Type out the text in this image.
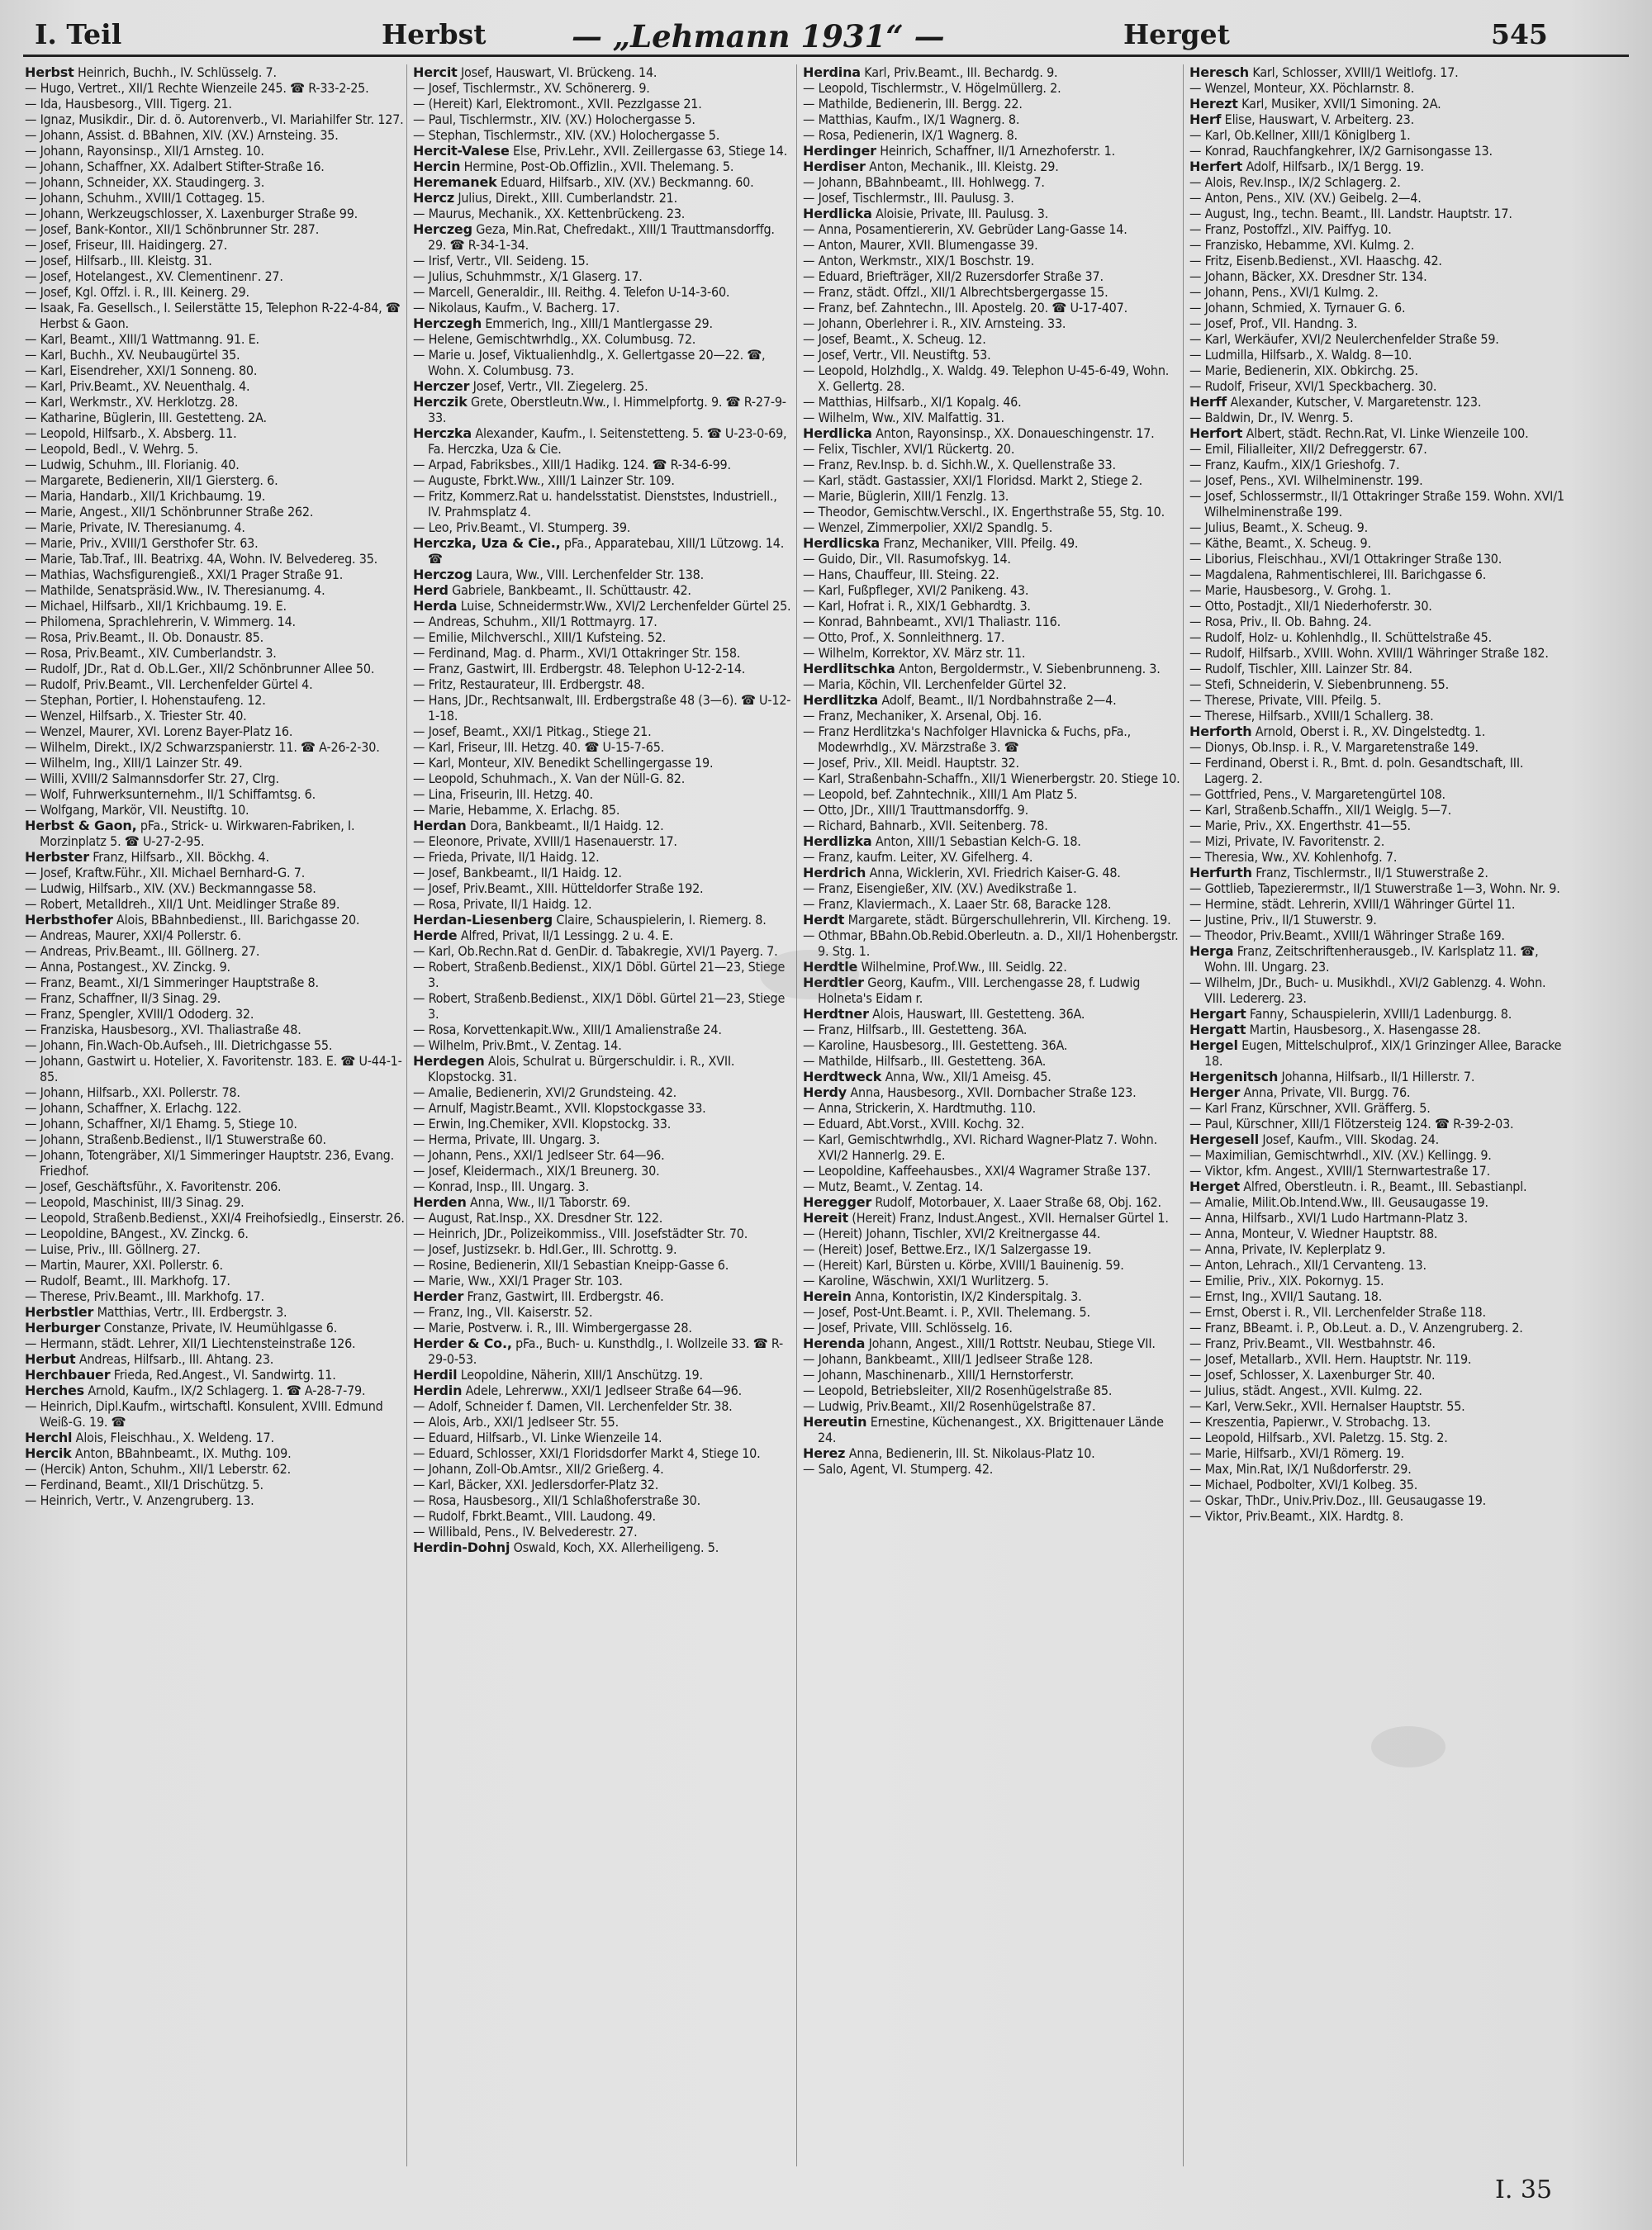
I. Teil	Herbst	— „Lehmann 1931“ —	Herget	545

Herbst Heinrich, Buchh., IV. Schlüsselg. 7.

— Hugo, Vertret., XII/1 Rechte Wienzeile 245. ☎ R-33-2-25.

— Ida, Hausbesorg., VIII. Tigerg. 21.

— Ignaz, Musikdir., Dir. d. ö. Autorenverb., VI. Mariahilfer Str. 127.

— Johann, Assist. d. BBahnen, XIV. (XV.) Arnsteing. 35.

— Johann, Rayonsinsp., XII/1 Arnsteg. 10.

— Johann, Schaffner, XX. Adalbert Stifter-Straße 16.

— Johann, Schneider, XX. Staudingerg. 3.

— Johann, Schuhm., XVIII/1 Cottageg. 15.

— Johann, Werkzeugschlosser, X. Laxenburger Straße 99.

— Josef, Bank-Kontor., XII/1 Schönbrunner Str. 287.

— Josef, Friseur, III. Haidingerg. 27.

— Josef, Hilfsarb., III. Kleistg. 31.

— Josef, Hotelangest., XV. Clementinenг. 27.

— Josef, Kgl. Offzl. i. R., III. Keinerg. 29.

— Isaak, Fa. Gesellsch., I. Seilerstätte 15, Telephon R-22-4-84, ☎ Herbst & Gaon.

— Karl, Beamt., XIII/1 Wattmanng. 91. E.

— Karl, Buchh., XV. Neubaugürtel 35.

— Karl, Eisendreher, XXI/1 Sonneng. 80.

— Karl, Priv.Beamt., XV. Neuenthalg. 4.

— Karl, Werkmstr., XV. Herklotzg. 28.

— Katharine, Büglerin, III. Gestetteng. 2A.

— Leopold, Hilfsarb., X. Absberg. 11.

— Leopold, Bedl., V. Wehrg. 5.

— Ludwig, Schuhm., III. Florianig. 40.

— Margarete, Bedienerin, XII/1 Giersterg. 6.

— Maria, Handarb., XII/1 Krichbaumg. 19.

— Marie, Angest., XII/1 Schönbrunner Straße 262.

— Marie, Private, IV. Theresianumg. 4.

— Marie, Priv., XVIII/1 Gersthofer Str. 63.

— Marie, Tab.Traf., III. Beatrixg. 4A, Wohn. IV. Belvedereg. 35.

— Mathias, Wachsfigurengieß., XXI/1 Prager Straße 91.

— Mathilde, Senatspräsid.Ww., IV. Theresianumg. 4.

— Michael, Hilfsarb., XII/1 Krichbaumg. 19. E.

— Philomena, Sprachlehrerin, V. Wimmerg. 14.

— Rosa, Priv.Beamt., II. Ob. Donaustr. 85.

— Rosa, Priv.Beamt., XIV. Cumberlandstr. 3.

— Rudolf, JDr., Rat d. Ob.L.Ger., XII/2 Schönbrunner Allee 50.

— Rudolf, Priv.Beamt., VII. Lerchenfelder Gürtel 4.

— Stephan, Portier, I. Hohenstaufeng. 12.

— Wenzel, Hilfsarb., X. Triester Str. 40.

— Wenzel, Maurer, XVI. Lorenz Bayer-Platz 16.

— Wilhelm, Direkt., IX/2 Schwarzspanierstr. 11. ☎ A-26-2-30.

— Wilhelm, Ing., XIII/1 Lainzer Str. 49.

— Willi, XVIII/2 Salmannsdorfer Str. 27, Clrg.

— Wolf, Fuhrwerksunternehm., II/1 Schiffamtsg. 6.

— Wolfgang, Markör, VII. Neustiftg. 10.

Herbst & Gaon, pFa., Strick- u. Wirkwaren-Fabriken, I. Morzinplatz 5. ☎ U-27-2-95.

Herbster Franz, Hilfsarb., XII. Böckhg. 4.

— Josef, Kraftw.Führ., XII. Michael Bernhard-G. 7.

— Ludwig, Hilfsarb., XIV. (XV.) Beckmanngasse 58.

— Robert, Metalldreh., XII/1 Unt. Meidlinger Straße 89.

Herbsthofer Alois, BBahnbedienst., III. Barichgasse 20.

— Andreas, Maurer, XXI/4 Pollerstr. 6.

— Andreas, Priv.Beamt., III. Göllnerg. 27.

— Anna, Postangest., XV. Zinckg. 9.

— Franz, Beamt., XI/1 Simmeringer Hauptstraße 8.

— Franz, Schaffner, II/3 Sinag. 29.

— Franz, Spengler, XVIII/1 Ododerg. 32.

— Franziska, Hausbesorg., XVI. Thaliastraße 48.

— Johann, Fin.Wach-Ob.Aufseh., III. Dietrichgasse 55.

— Johann, Gastwirt u. Hotelier, X. Favoritenstr. 183. E. ☎ U-44-1-85.

— Johann, Hilfsarb., XXI. Pollerstr. 78.

— Johann, Schaffner, X. Erlachg. 122.

— Johann, Schaffner, XI/1 Ehamg. 5, Stiege 10.

— Johann, Straßenb.Bedienst., II/1 Stuwerstraße 60.

— Johann, Totengräber, XI/1 Simmeringer Hauptstr. 236, Evang. Friedhof.

— Josef, Geschäftsführ., X. Favoritenstr. 206.

— Leopold, Maschinist, III/3 Sinag. 29.

— Leopold, Straßenb.Bedienst., XXI/4 Freihofsiedlg., Einserstr. 26.

— Leopoldine, BAngest., XV. Zinckg. 6.

— Luise, Priv., III. Göllnerg. 27.

— Martin, Maurer, XXI. Pollerstr. 6.

— Rudolf, Beamt., III. Markhofg. 17.

— Therese, Priv.Beamt., III. Markhofg. 17.

Herbstler Matthias, Vertr., III. Erdbergstr. 3.

Herburger Constanze, Private, IV. Heumühlgasse 6.

— Hermann, städt. Lehrer, XII/1 Liechtensteinstraße 126.

Herbut Andreas, Hilfsarb., III. Ahtang. 23.

Herchbauer Frieda, Red.Angest., VI. Sandwirtg. 11.

Herches Arnold, Kaufm., IX/2 Schlagerg. 1. ☎ A-28-7-79.

— Heinrich, Dipl.Kaufm., wirtschaftl. Konsulent, XVIII. Edmund Weiß-G. 19. ☎

Herchl Alois, Fleischhau., X. Weldeng. 17.

Hercik Anton, BBahnbeamt., IX. Muthg. 109.

— (Hercik) Anton, Schuhm., XII/1 Leberstr. 62.

— Ferdinand, Beamt., XII/1 Drischützg. 5.

— Heinrich, Vertr., V. Anzengruberg. 13.

Hercit Josef, Hauswart, VI. Brückeng. 14.

— Josef, Tischlermstr., XV. Schönererg. 9.

— (Hereit) Karl, Elektromont., XVII. Pezzlgasse 21.

— Paul, Tischlermstr., XIV. (XV.) Holochergasse 5.

— Stephan, Tischlermstr., XIV. (XV.) Holochergasse 5.

Hercit-Valese Else, Priv.Lehr., XVII. Zeillergasse 63, Stiege 14.

Hercin Hermine, Post-Ob.Offizlin., XVII. Thelemang. 5.

Heremanek Eduard, Hilfsarb., XIV. (XV.) Beckmanng. 60.

Hercz Julius, Direkt., XIII. Cumberlandstr. 21.

— Maurus, Mechanik., XX. Kettenbrückeng. 23.

Herczeg Geza, Min.Rat, Chefredakt., XIII/1 Trauttmansdorffg. 29. ☎ R-34-1-34.

— Irisf, Vertr., VII. Seideng. 15.

— Julius, Schuhmmstr., X/1 Glaserg. 17.

— Marcell, Generaldir., III. Reithg. 4. Telefon U-14-3-60.

— Nikolaus, Kaufm., V. Bacherg. 17.

Herczegh Emmerich, Ing., XIII/1 Mantlergasse 29.

— Helene, Gemischtwrhdlg., XX. Columbusg. 72.

— Marie u. Josef, Viktualienhdlg., X. Gellertgasse 20—22. ☎, Wohn. X. Columbusg. 73.

Herczer Josef, Vertr., VII. Ziegelerg. 25.

Herczik Grete, Oberstleutn.Ww., I. Himmelpfortg. 9. ☎ R-27-9-33.

Herczka Alexander, Kaufm., I. Seitenstetteng. 5. ☎ U-23-0-69, Fa. Herczka, Uza & Cie.

— Arpad, Fabriksbes., XIII/1 Hadikg. 124. ☎ R-34-6-99.

— Auguste, Fbrkt.Ww., XIII/1 Lainzer Str. 109.

— Fritz, Kommerz.Rat u. handelsstatist. Dienststes, Industriell., IV. Prahmsplatz 4.

— Leo, Priv.Beamt., VI. Stumperg. 39.

Herczka, Uza & Cie., pFa., Apparatebau, XIII/1 Lützowg. 14. ☎

Herczog Laura, Ww., VIII. Lerchenfelder Str. 138.

Herd Gabriele, Bankbeamt., II. Schüttaustr. 42.

Herda Luise, Schneidermstr.Ww., XVI/2 Lerchenfelder Gürtel 25.

— Andreas, Schuhm., XII/1 Rottmayrg. 17.

— Emilie, Milchverschl., XIII/1 Kufsteing. 52.

— Ferdinand, Mag. d. Pharm., XVI/1 Ottakringer Str. 158.

— Franz, Gastwirt, III. Erdbergstr. 48. Telephon U-12-2-14.

— Fritz, Restaurateur, III. Erdbergstr. 48.

— Hans, JDr., Rechtsanwalt, III. Erdbergstraße 48 (3—6). ☎ U-12-1-18.

— Josef, Beamt., XXI/1 Pitkag., Stiege 21.

— Karl, Friseur, III. Hetzg. 40. ☎ U-15-7-65.

— Karl, Monteur, XIV. Benedikt Schellingergasse 19.

— Leopold, Schuhmach., X. Van der Nüll-G. 82.

— Lina, Friseurin, III. Hetzg. 40.

— Marie, Hebamme, X. Erlachg. 85.

Herdan Dora, Bankbeamt., II/1 Haidg. 12.

— Eleonore, Private, XVIII/1 Hasenauerstr. 17.

— Frieda, Private, II/1 Haidg. 12.

— Josef, Bankbeamt., II/1 Haidg. 12.

— Josef, Priv.Beamt., XIII. Hütteldorfer Straße 192.

— Rosa, Private, II/1 Haidg. 12.

Herdan-Liesenberg Claire, Schauspielerin, I. Riemerg. 8.

Herde Alfred, Privat, II/1 Lessingg. 2 u. 4. E.

— Karl, Ob.Rechn.Rat d. GenDir. d. Tabakregie, XVI/1 Payerg. 7.

— Robert, Straßenb.Bedienst., XIX/1 Döbl. Gürtel 21—23, Stiege 3.

— Robert, Straßenb.Bedienst., XIX/1 Döbl. Gürtel 21—23, Stiege 3.

— Rosa, Korvettenkapit.Ww., XIII/1 Amalienstraße 24.

— Wilhelm, Priv.Bmt., V. Zentag. 14.

Herdegen Alois, Schulrat u. Bürgerschuldir. i. R., XVII. Klopstockg. 31.

— Amalie, Bedienerin, XVI/2 Grundsteing. 42.

— Arnulf, Magistr.Beamt., XVII. Klopstockgasse 33.

— Erwin, Ing.Chemiker, XVII. Klopstockg. 33.

— Herma, Private, III. Ungarg. 3.

— Johann, Pens., XXI/1 Jedlseer Str. 64—96.

— Josef, Kleidermach., XIX/1 Breunerg. 30.

— Konrad, Insp., III. Ungarg. 3.

Herden Anna, Ww., II/1 Taborstr. 69.

— August, Rat.Insp., XX. Dresdner Str. 122.

— Heinrich, JDr., Polizeikommiss., VIII. Josefstädter Str. 70.

— Josef, Justizsekr. b. Hdl.Ger., III. Schrottg. 9.

— Rosine, Bedienerin, XII/1 Sebastian Kneipp-Gasse 6.

— Marie, Ww., XXI/1 Prager Str. 103.

Herder Franz, Gastwirt, III. Erdbergstr. 46.

— Franz, Ing., VII. Kaiserstr. 52.

— Marie, Postverw. i. R., III. Wimbergergasse 28.

Herder & Co., pFa., Buch- u. Kunsthdlg., I. Wollzeile 33. ☎ R-29-0-53.

Herdil Leopoldine, Näherin, XIII/1 Anschützg. 19.

Herdin Adele, Lehrerww., XXI/1 Jedlseer Straße 64—96.

— Adolf, Schneider f. Damen, VII. Lerchenfelder Str. 38.

— Alois, Arb., XXI/1 Jedlseer Str. 55.

— Eduard, Hilfsarb., VI. Linke Wienzeile 14.

— Eduard, Schlosser, XXI/1 Floridsdorfer Markt 4, Stiege 10.

— Johann, Zoll-Ob.Amtsr., XII/2 Grießerg. 4.

— Karl, Bäcker, XXI. Jedlersdorfer-Platz 32.

— Rosa, Hausbesorg., XII/1 Schlaßhoferstraße 30.

— Rudolf, Fbrkt.Beamt., VIII. Laudong. 49.

— Willibald, Pens., IV. Belvederestr. 27.

Herdin-Dohnj Oswald, Koch, XX. Allerheiligeng. 5.

Herdina Karl, Priv.Beamt., III. Bechardg. 9.

— Leopold, Tischlermstr., V. Högelmüllerg. 2.

— Mathilde, Bedienerin, III. Bergg. 22.

— Matthias, Kaufm., IX/1 Wagnerg. 8.

— Rosa, Pedienerin, IX/1 Wagnerg. 8.

Herdinger Heinrich, Schaffner, II/1 Arnezhoferstr. 1.

Herdiser Anton, Mechanik., III. Kleistg. 29.

— Johann, BBahnbeamt., III. Hohlwegg. 7.

— Josef, Tischlermstr., III. Paulusg. 3.

Herdlicka Aloisie, Private, III. Paulusg. 3.

— Anna, Posamentiererin, XV. Gebrüder Lang-Gasse 14.

— Anton, Maurer, XVII. Blumengasse 39.

— Anton, Werkmstr., XIX/1 Boschstr. 19.

— Eduard, Briefträger, XII/2 Ruzersdorfer Straße 37.

— Franz, städt. Offzl., XII/1 Albrechtsbergergasse 15.

— Franz, bef. Zahntechn., III. Apostelg. 20. ☎ U-17-407.

— Johann, Oberlehrer i. R., XIV. Arnsteing. 33.

— Josef, Beamt., X. Scheug. 12.

— Josef, Vertr., VII. Neustiftg. 53.

— Leopold, Holzhdlg., X. Waldg. 49. Telephon U-45-6-49, Wohn. X. Gellertg. 28.

— Matthias, Hilfsarb., XI/1 Kopalg. 46.

— Wilhelm, Ww., XIV. Malfattig. 31.

Herdlicka Anton, Rayonsinsp., XX. Donaueschingenstr. 17.

— Felix, Tischler, XVI/1 Rückertg. 20.

— Franz, Rev.Insp. b. d. Sichh.W., X. Quellenstraße 33.

— Karl, städt. Gastassier, XXI/1 Floridsd. Markt 2, Stiege 2.

— Marie, Büglerin, XIII/1 Fenzlg. 13.

— Theodor, Gemischtw.Verschl., IX. Engerthstraße 55, Stg. 10.

— Wenzel, Zimmerpolier, XXI/2 Spandlg. 5.

Herdlicska Franz, Mechaniker, VIII. Pfeilg. 49.

— Guido, Dir., VII. Rasumofskyg. 14.

— Hans, Chauffeur, III. Steing. 22.

— Karl, Fußpfleger, XVI/2 Panikeng. 43.

— Karl, Hofrat i. R., XIX/1 Gebhardtg. 3.

— Konrad, Bahnbeamt., XVI/1 Thaliastr. 116.

— Otto, Prof., X. Sonnleithnerg. 17.

— Wilhelm, Korrektor, XV. März str. 11.

Herdlitschka Anton, Bergoldermstr., V. Siebenbrunneng. 3.

— Maria, Köchin, VII. Lerchenfelder Gürtel 32.

Herdlitzka Adolf, Beamt., II/1 Nordbahnstraße 2—4.

— Franz, Mechaniker, X. Arsenal, Obj. 16.

— Franz Herdlitzka's Nachfolger Hlavnicka & Fuchs, pFa., Modewrhdlg., XV. Märzstraße 3. ☎

— Josef, Priv., XII. Meidl. Hauptstr. 32.

— Karl, Straßenbahn-Schaffn., XII/1 Wienerbergstr. 20. Stiege 10.

— Leopold, bef. Zahntechnik., XIII/1 Am Platz 5.

— Otto, JDr., XIII/1 Trauttmansdorffg. 9.

— Richard, Bahnarb., XVII. Seitenberg. 78.

Herdlizka Anton, XIII/1 Sebastian Kelch-G. 18.

— Franz, kaufm. Leiter, XV. Gifelherg. 4.

Herdrich Anna, Wicklerin, XVI. Friedrich Kaiser-G. 48.

— Franz, Eisengießer, XIV. (XV.) Avedikstraße 1.

— Franz, Klaviermach., X. Laaer Str. 68, Baracke 128.

Herdt Margarete, städt. Bürgerschullehrerin, VII. Kircheng. 19.

— Othmar, BBahn.Ob.Rebid.Oberleutn. a. D., XII/1 Hohenbergstr. 9. Stg. 1.

Herdtle Wilhelmine, Prof.Ww., III. Seidlg. 22.

Herdtler Georg, Kaufm., VIII. Lerchengasse 28, f. Ludwig Holneta's Eidam r.

Herdtner Alois, Hauswart, III. Gestetteng. 36A.

— Franz, Hilfsarb., III. Gestetteng. 36A.

— Karoline, Hausbesorg., III. Gestetteng. 36A.

— Mathilde, Hilfsarb., III. Gestetteng. 36A.

Herdtweck Anna, Ww., XII/1 Ameisg. 45.

Herdy Anna, Hausbesorg., XVII. Dornbacher Straße 123.

— Anna, Strickerin, X. Hardtmuthg. 110.

— Eduard, Abt.Vorst., XVIII. Kochg. 32.

— Karl, Gemischtwrhdlg., XVI. Richard Wagner-Platz 7. Wohn. XVI/2 Hannerlg. 29. E.

— Leopoldine, Kaffeehausbes., XXI/4 Wagramer Straße 137.

— Mutz, Beamt., V. Zentag. 14.

Heregger Rudolf, Motorbauer, X. Laaer Straße 68, Obj. 162.

Hereit (Hereit) Franz, Indust.Angest., XVII. Hernalser Gürtel 1.

— (Hereit) Johann, Tischler, XVI/2 Kreitnergasse 44.

— (Hereit) Josef, Bettwe.Erz., IX/1 Salzergasse 19.

— (Hereit) Karl, Bürsten u. Körbe, XVIII/1 Bauinenig. 59.

— Karoline, Wäschwin, XXI/1 Wurlitzerg. 5.

Herein Anna, Kontoristin, IX/2 Kinderspitalg. 3.

— Josef, Post-Unt.Beamt. i. P., XVII. Thelemang. 5.

— Josef, Private, VIII. Schlösselg. 16.

Herenda Johann, Angest., XIII/1 Rottstr. Neubau, Stiege VII.

— Johann, Bankbeamt., XIII/1 Jedlseer Straße 128.

— Johann, Maschinenarb., XIII/1 Hernstorferstr.

— Leopold, Betriebsleiter, XII/2 Rosenhügelstraße 85.

— Ludwig, Priv.Beamt., XII/2 Rosenhügelstraße 87.

Hereutin Ernestine, Küchenangest., XX. Brigittenauer Lände 24.

Herez Anna, Bedienerin, III. St. Nikolaus-Platz 10.

— Salo, Agent, VI. Stumperg. 42.

Heresch Karl, Schlosser, XVIII/1 Weitlofg. 17.

— Wenzel, Monteur, XX. Pöchlarnstr. 8.

Herezt Karl, Musiker, XVII/1 Simoning. 2A.

Herf Elise, Hauswart, V. Arbeiterg. 23.

— Karl, Ob.Kellner, XIII/1 Königlberg 1.

— Konrad, Rauchfangkehrer, IX/2 Garnisongasse 13.

Herfert Adolf, Hilfsarb., IX/1 Bergg. 19.

— Alois, Rev.Insp., IX/2 Schlagerg. 2.

— Anton, Pens., XIV. (XV.) Geibelg. 2—4.

— August, Ing., techn. Beamt., III. Landstr. Hauptstr. 17.

— Franz, Postoffzl., XIV. Paiffyg. 10.

— Franzisko, Hebamme, XVI. Kulmg. 2.

— Fritz, Eisenb.Bedienst., XVI. Haaschg. 42.

— Johann, Bäcker, XX. Dresdner Str. 134.

— Johann, Pens., XVI/1 Kulmg. 2.

— Johann, Schmied, X. Tyrnauer G. 6.

— Josef, Prof., VII. Handng. 3.

— Karl, Werkäufer, XVI/2 Neulerchenfelder Straße 59.

— Ludmilla, Hilfsarb., X. Waldg. 8—10.

— Marie, Bedienerin, XIX. Obkirchg. 25.

— Rudolf, Friseur, XVI/1 Speckbacherg. 30.

Herff Alexander, Kutscher, V. Margaretenstr. 123.

— Baldwin, Dr., IV. Wenrg. 5.

Herfort Albert, städt. Rechn.Rat, VI. Linke Wienzeile 100.

— Emil, Filialleiter, XII/2 Defreggerstr. 67.

— Franz, Kaufm., XIX/1 Grieshofg. 7.

— Josef, Pens., XVI. Wilhelminenstr. 199.

— Josef, Schlossermstr., II/1 Ottakringer Straße 159. Wohn. XVI/1 Wilhelminenstraße 199.

— Julius, Beamt., X. Scheug. 9.

— Käthe, Beamt., X. Scheug. 9.

— Liborius, Fleischhau., XVI/1 Ottakringer Straße 130.

— Magdalena, Rahmentischlerei, III. Barichgasse 6.

— Marie, Hausbesorg., V. Grohg. 1.

— Otto, Postadjt., XII/1 Niederhoferstr. 30.

— Rosa, Priv., II. Ob. Bahng. 24.

— Rudolf, Holz- u. Kohlenhdlg., II. Schüttelstraße 45.

— Rudolf, Hilfsarb., XVIII. Wohn. XVIII/1 Währinger Straße 182.

— Rudolf, Tischler, XIII. Lainzer Str. 84.

— Stefi, Schneiderin, V. Siebenbrunneng. 55.

— Therese, Private, VIII. Pfeilg. 5.

— Therese, Hilfsarb., XVIII/1 Schallerg. 38.

Herforth Arnold, Oberst i. R., XV. Dingelstedtg. 1.

— Dionys, Ob.Insp. i. R., V. Margaretenstraße 149.

— Ferdinand, Oberst i. R., Bmt. d. poln. Gesandtschaft, III. Lagerg. 2.

— Gottfried, Pens., V. Margaretengürtel 108.

— Karl, Straßenb.Schaffn., XII/1 Weiglg. 5—7.

— Marie, Priv., XX. Engerthstr. 41—55.

— Mizi, Private, IV. Favoritenstr. 2.

— Theresia, Ww., XV. Kohlenhofg. 7.

Herfurth Franz, Tischlermstr., II/1 Stuwerstraße 2.

— Gottlieb, Tapezierermstr., II/1 Stuwerstraße 1—3, Wohn. Nr. 9.

— Hermine, städt. Lehrerin, XVIII/1 Währinger Gürtel 11.

— Justine, Priv., II/1 Stuwerstr. 9.

— Theodor, Priv.Beamt., XVIII/1 Währinger Straße 169.

Herga Franz, Zeitschriftenherausgeb., IV. Karlsplatz 11. ☎, Wohn. III. Ungarg. 23.

— Wilhelm, JDr., Buch- u. Musikhdl., XVI/2 Gablenzg. 4. Wohn. VIII. Ledererg. 23.

Hergart Fanny, Schauspielerin, XVIII/1 Ladenburgg. 8.

Hergatt Martin, Hausbesorg., X. Hasengasse 28.

Hergel Eugen, Mittelschulprof., XIX/1 Grinzinger Allee, Baracke 18.

Hergenitsch Johanna, Hilfsarb., II/1 Hillerstr. 7.

Herger Anna, Private, VII. Burgg. 76.

— Karl Franz, Kürschner, XVII. Gräfferg. 5.

— Paul, Kürschner, XIII/1 Flötzersteig 124. ☎ R-39-2-03.

Hergesell Josef, Kaufm., VIII. Skodag. 24.

— Maximilian, Gemischtwrhdl., XIV. (XV.) Kellingg. 9.

— Viktor, kfm. Angest., XVIII/1 Sternwartestraße 17.

Herget Alfred, Oberstleutn. i. R., Beamt., III. Sebastianpl.

— Amalie, Milit.Ob.Intend.Ww., III. Geusaugasse 19.

— Anna, Hilfsarb., XVI/1 Ludo Hartmann-Platz 3.

— Anna, Monteur, V. Wiedner Hauptstr. 88.

— Anna, Private, IV. Keplerplatz 9.

— Anton, Lehrach., XII/1 Cervanteng. 13.

— Emilie, Priv., XIX. Pokornyg. 15.

— Ernst, Ing., XVII/1 Sautang. 18.

— Ernst, Oberst i. R., VII. Lerchenfelder Straße 118.

— Franz, BBeamt. i. P., Ob.Leut. a. D., V. Anzengruberg. 2.

— Franz, Priv.Beamt., VII. Westbahnstr. 46.

— Josef, Metallarb., XVII. Hern. Hauptstr. Nr. 119.

— Josef, Schlosser, X. Laxenburger Str. 40.

— Julius, städt. Angest., XVII. Kulmg. 22.

— Karl, Verw.Sekr., XVII. Hernalser Hauptstr. 55.

— Kreszentia, Papierwr., V. Strobachg. 13.

— Leopold, Hilfsarb., XVI. Paletzg. 15. Stg. 2.

— Marie, Hilfsarb., XVI/1 Römerg. 19.

— Max, Min.Rat, IX/1 Nußdorferstr. 29.

— Michael, Podbolter, XVI/1 Kolbeg. 35.

— Oskar, ThDr., Univ.Priv.Doz., III. Geusaugasse 19.

— Viktor, Priv.Beamt., XIX. Hardtg. 8.

I. 35
